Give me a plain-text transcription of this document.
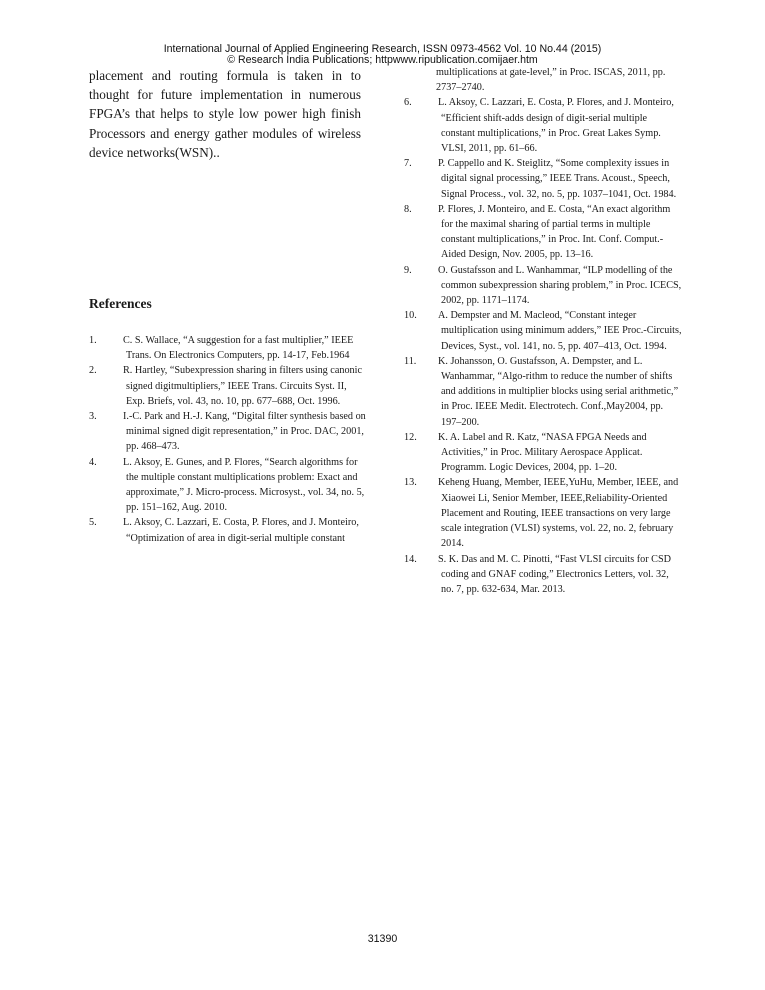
International Journal of Applied Engineering Research, ISSN 0973-4562 Vol. 10 No.44 (2015)
© Research India Publications; httpwww.ripublication.comijaer.htm

placement and routing formula is taken in to thought for future implementation in numerous FPGA’s that helps to style low power high finish Processors and energy gather modules of wireless device networks(WSN)..

References
1.	C. S. Wallace, “A suggestion for a fast multiplier,” IEEE
Trans. On Electronics Computers, pp. 14-17, Feb.1964
2.	R. Hartley, “Subexpression sharing in filters using canonic
signed digitmultipliers,” IEEE Trans. Circuits Syst. II,
Exp. Briefs, vol. 43, no. 10, pp. 677–688, Oct. 1996.
3.	I.-C. Park and H.-J. Kang, “Digital filter synthesis based on
minimal signed digit representation,” in Proc. DAC, 2001,
pp. 468–473.
4.	L. Aksoy, E. Gunes, and P. Flores, “Search algorithms for
the multiple constant multiplications problem: Exact and
approximate,” J. Micro-process. Microsyst., vol. 34, no. 5,
pp. 151–162, Aug. 2010.
5.	L. Aksoy, C. Lazzari, E. Costa, P. Flores, and J. Monteiro,
“Optimization of area in digit-serial multiple constant
multiplications at gate-level,” in Proc. ISCAS, 2011, pp.
2737–2740.
6.	L. Aksoy, C. Lazzari, E. Costa, P. Flores, and J. Monteiro,
“Efficient shift-adds design of digit-serial multiple
constant multiplications,” in Proc. Great Lakes Symp.
VLSI, 2011, pp. 61–66.
7.	P. Cappello and K. Steiglitz, “Some complexity issues in
digital signal processing,” IEEE Trans. Acoust., Speech,
Signal Process., vol. 32, no. 5, pp. 1037–1041, Oct. 1984.
8.	P. Flores, J. Monteiro, and E. Costa, “An exact algorithm
for the maximal sharing of partial terms in multiple
constant multiplications,” in Proc. Int. Conf. Comput.-
Aided Design, Nov. 2005, pp. 13–16.
9.	O. Gustafsson and L. Wanhammar, “ILP modelling of the
common subexpression sharing problem,” in Proc. ICECS,
2002, pp. 1171–1174.
10. A. Dempster and M. Macleod, “Constant integer
multiplication using minimum adders,” IEE Proc.-Circuits,
Devices, Syst., vol. 141, no. 5, pp. 407–413, Oct. 1994.
11. K. Johansson, O. Gustafsson, A. Dempster, and L.
Wanhammar, “Algo-rithm to reduce the number of shifts
and additions in multiplier blocks using serial arithmetic,”
in Proc. IEEE Medit. Electrotech. Conf.,May2004, pp.
197–200.
12. K. A. Label and R. Katz, “NASA FPGA Needs and
Activities,” in Proc. Military Aerospace Applicat.
Programm. Logic Devices, 2004, pp. 1–20.
13. Keheng Huang, Member, IEEE,YuHu, Member, IEEE, and
Xiaowei Li, Senior Member, IEEE,Reliability-Oriented
Placement and Routing, IEEE transactions on very large
scale integration (VLSI) systems, vol. 22, no. 2, february
2014.
14. S. K. Das and M. C. Pinotti, “Fast VLSI circuits for CSD
coding and GNAF coding,” Electronics Letters, vol. 32,
no. 7, pp. 632-634, Mar. 2013.
31390
